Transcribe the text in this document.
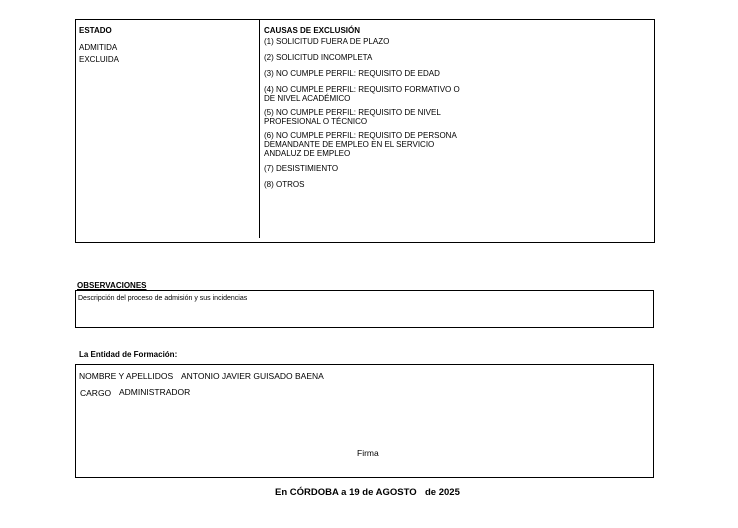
ESTADO
ADMITIDA
EXCLUIDA
CAUSAS DE EXCLUSIÓN
(1) SOLICITUD FUERA DE PLAZO
(2) SOLICITUD INCOMPLETA
(3) NO CUMPLE PERFIL: REQUISITO DE EDAD
(4) NO CUMPLE PERFIL: REQUISITO FORMATIVO O
DE NIVEL ACADÉMICO
(5) NO CUMPLE PERFIL: REQUISITO DE NIVEL
PROFESIONAL O TÉCNICO
(6) NO CUMPLE PERFIL: REQUISITO DE PERSONA
DEMANDANTE DE EMPLEO EN EL SERVICIO
ANDALUZ DE EMPLEO
(7) DESISTIMIENTO
(8) OTROS
OBSERVACIONES
Descripción del proceso de admisión y sus incidencias
La Entidad de Formación:
NOMBRE Y APELLIDOS ANTONIO JAVIER GUISADO BAENA
CARGO ADMINISTRADOR
Firma
En CÓRDOBA a 19 de AGOSTO de 2025
